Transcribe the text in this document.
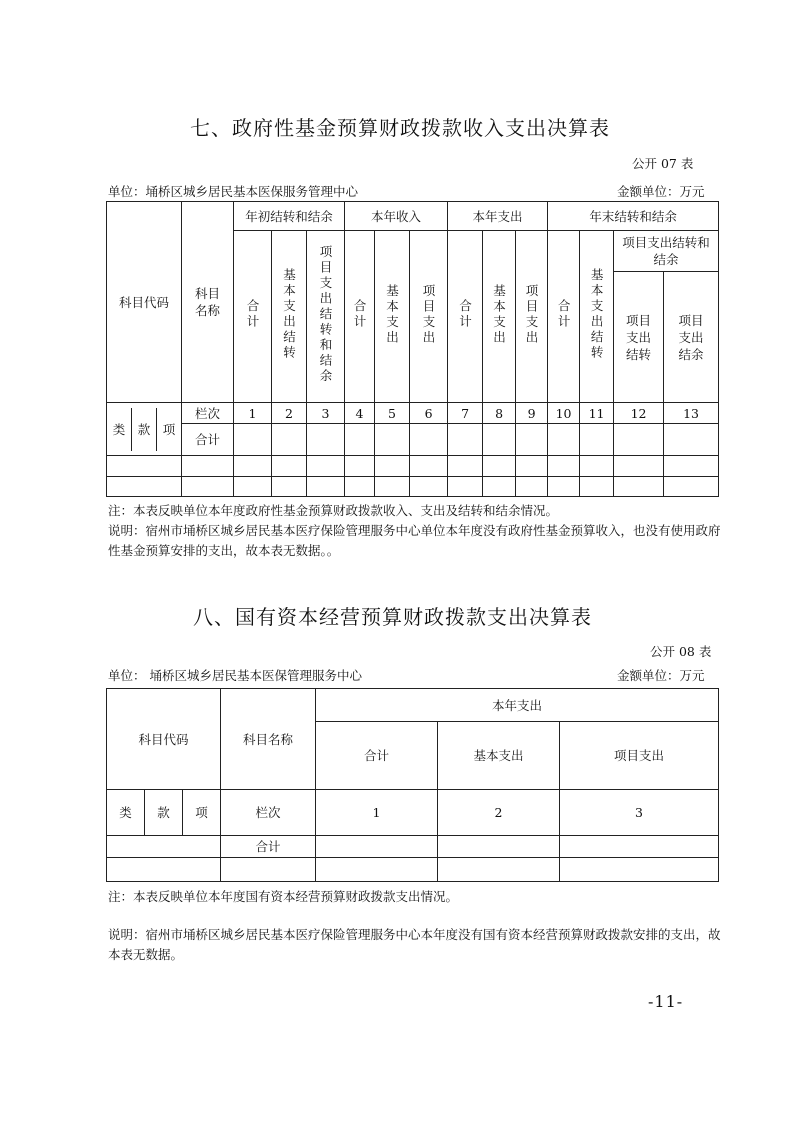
七、政府性基金预算财政拨款收入支出决算表
公开 07 表
单位：埇桥区城乡居民基本医保服务管理中心	金额单位：万元
科目代码	科目名称	年初结转和结余			本年收入			本年支出			年末结转和结余			
		合计	基本支出结转	项目支出结转和结余	合计	基本支出	项目支出	合计	基本支出	项目支出	合计	基本支出结转	项目支出结转和结余	
													项目支出结转	项目支出结余

类 款 项	栏次	1	2	3	4	5	6	7	8	9	10	11	12	13
	合计													

注：本表反映单位本年度政府性基金预算财政拨款收入、支出及结转和结余情况。
说明：宿州市埇桥区城乡居民基本医疗保险管理服务中心单位本年度没有政府性基金预算收入，也没有使用政府性基金预算安排的支出，故本表无数据。。
八、国有资本经营预算财政拨款支出决算表
公开 08 表
单位： 埇桥区城乡居民基本医保管理服务中心	金额单位：万元
科目代码			科目名称	本年支出		
				合计	基本支出	项目支出
类	款	项	栏次	1	2	3
			合计			

注：本表反映单位本年度国有资本经营预算财政拨款支出情况。
说明：宿州市埇桥区城乡居民基本医疗保险管理服务中心本年度没有国有资本经营预算财政拨款安排的支出，故本表无数据。
-11-
